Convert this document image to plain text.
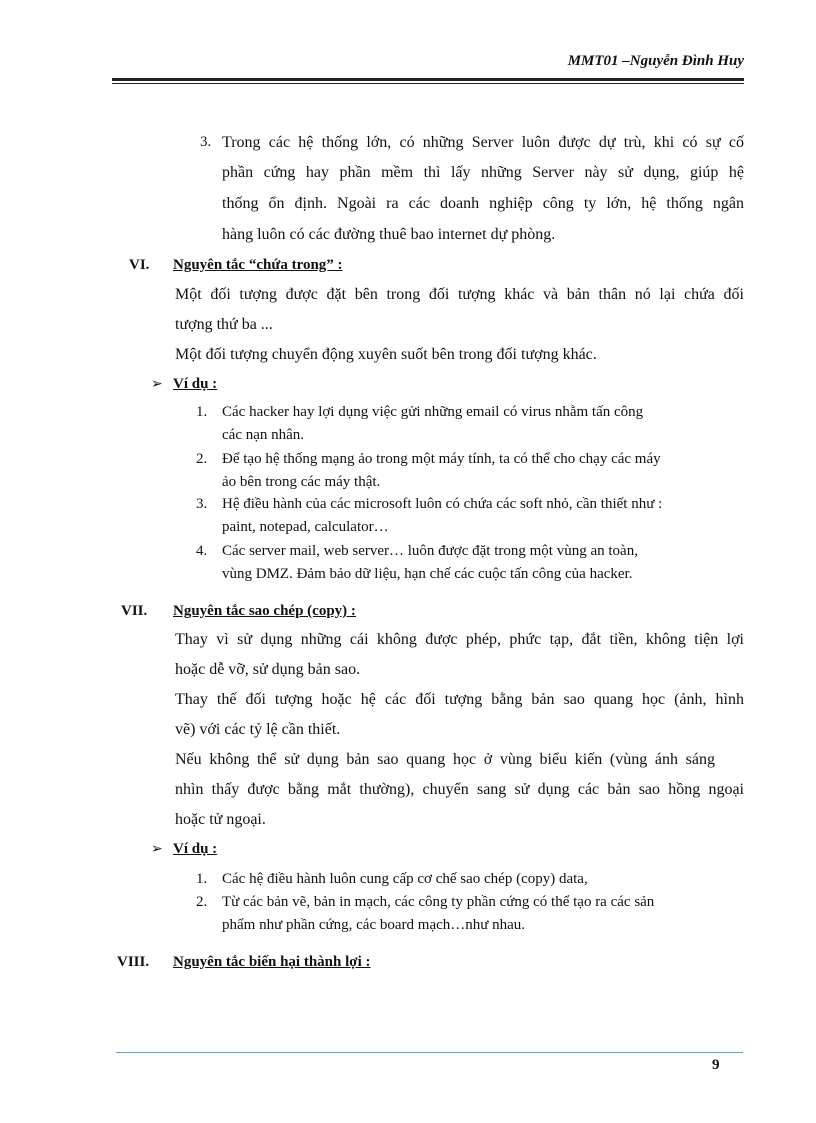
MMT01 –Nguyễn Đình Huy
3. Trong các hệ thống lớn, có những Server luôn được dự trù, khi có sự cố
phần cứng hay phần mềm thì lấy những Server này sử dụng, giúp hệ
thống ổn định. Ngoài ra các doanh nghiệp công ty lớn, hệ thống ngân
hàng luôn có các đường thuê bao internet dự phòng.
VI. Nguyên tắc “chứa trong” :
Một đối tượng được đặt bên trong đối tượng khác và bản thân nó lại chứa đối
tượng thứ ba ...
Một đối tượng chuyển động xuyên suốt bên trong đối tượng khác.
➢ Ví dụ :
1. Các hacker hay lợi dụng việc gửi những email có virus nhằm tấn công
các nạn nhân.
2. Để tạo hệ thống mạng ảo trong một máy tính, ta có thể cho chạy các máy
ảo bên trong các máy thật.
3. Hệ điều hành của các microsoft luôn có chứa các soft nhỏ, cần thiết như :
paint, notepad, calculator…
4. Các server mail, web server… luôn được đặt trong một vùng an toàn,
vùng DMZ. Đảm bảo dữ liệu, hạn chế các cuộc tấn công của hacker.
VII. Nguyên tắc sao chép (copy) :
Thay vì sử dụng những cái không được phép, phức tạp, đắt tiền, không tiện lợi
hoặc dễ vỡ, sử dụng bản sao.
Thay thế đối tượng hoặc hệ các đối tượng bằng bản sao quang học (ảnh, hình
vẽ) với các tỷ lệ cần thiết.
Nếu không thể sử dụng bản sao quang học ở vùng biểu kiến (vùng ánh sáng
nhìn thấy được bằng mắt thường), chuyển sang sử dụng các bản sao hồng ngoại
hoặc tử ngoại.
➢ Ví dụ :
1. Các hệ điều hành luôn cung cấp cơ chế sao chép (copy) data,
2. Từ các bản vẽ, bản in mạch, các công ty phần cứng có thể tạo ra các sản
phẩm như phần cứng, các board mạch…như nhau.
VIII. Nguyên tắc biến hại thành lợi :
9
